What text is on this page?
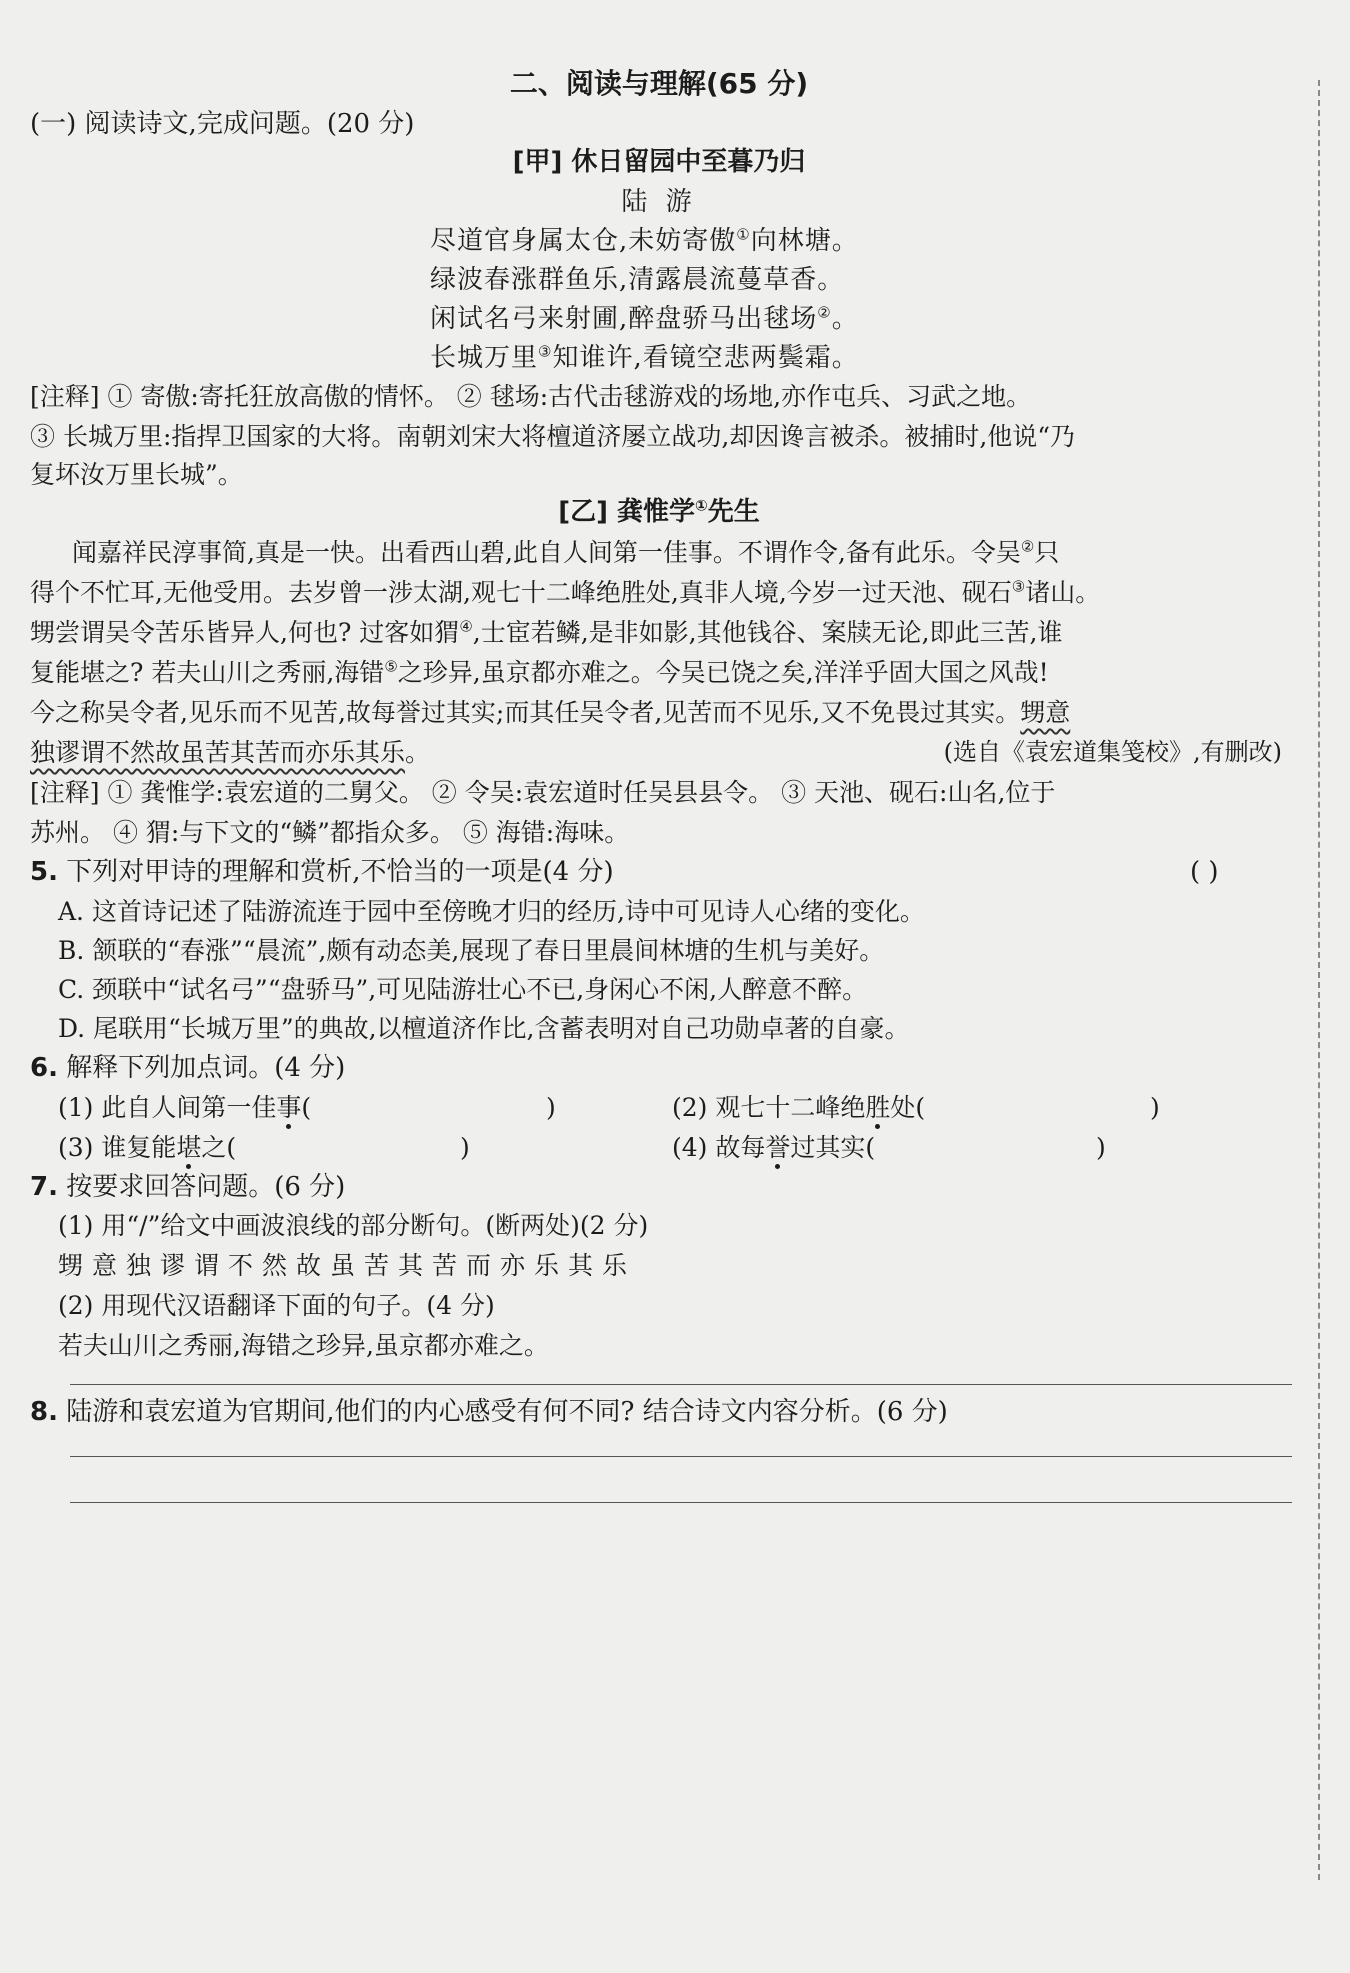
二、阅读与理解(65 分)
(一) 阅读诗文,完成问题。(20 分)
[甲] 休日留园中至暮乃归
陆 游
尽道官身属太仓,未妨寄傲①向林塘。
绿波春涨群鱼乐,清露晨流蔓草香。
闲试名弓来射圃,醉盘骄马出毬场②。
长城万里③知谁许,看镜空悲两鬓霜。
[注释] ① 寄傲:寄托狂放高傲的情怀。 ② 毬场:古代击毬游戏的场地,亦作屯兵、习武之地。
③ 长城万里:指捍卫国家的大将。南朝刘宋大将檀道济屡立战功,却因谗言被杀。被捕时,他说“乃
复坏汝万里长城”。
[乙] 龚惟学①先生
闻嘉祥民淳事简,真是一快。出看西山碧,此自人间第一佳事。不谓作令,备有此乐。令吴②只
得个不忙耳,无他受用。去岁曾一涉太湖,观七十二峰绝胜处,真非人境,今岁一过天池、砚石③诸山。
甥尝谓吴令苦乐皆异人,何也? 过客如猬④,士宦若鳞,是非如影,其他钱谷、案牍无论,即此三苦,谁
复能堪之? 若夫山川之秀丽,海错⑤之珍异,虽京都亦难之。今吴已饶之矣,洋洋乎固大国之风哉!
今之称吴令者,见乐而不见苦,故每誉过其实;而其任吴令者,见苦而不见乐,又不免畏过其实。甥意
独谬谓不然故虽苦其苦而亦乐其乐。	(选自《袁宏道集笺校》,有删改)
[注释] ① 龚惟学:袁宏道的二舅父。 ② 令吴:袁宏道时任吴县县令。 ③ 天池、砚石:山名,位于
苏州。 ④ 猬:与下文的“鳞”都指众多。 ⑤ 海错:海味。
5. 下列对甲诗的理解和赏析,不恰当的一项是(4 分)	( )
A. 这首诗记述了陆游流连于园中至傍晚才归的经历,诗中可见诗人心绪的变化。
B. 颔联的“春涨”“晨流”,颇有动态美,展现了春日里晨间林塘的生机与美好。
C. 颈联中“试名弓”“盘骄马”,可见陆游壮心不已,身闲心不闲,人醉意不醉。
D. 尾联用“长城万里”的典故,以檀道济作比,含蓄表明对自己功勋卓著的自豪。
6. 解释下列加点词。(4 分)
(1) 此自人间第一佳事(	)	(2) 观七十二峰绝胜处(	)
(3) 谁复能堪之(	)	(4) 故每誉过其实(	)
7. 按要求回答问题。(6 分)
(1) 用“/”给文中画波浪线的部分断句。(断两处)(2 分)
甥意独谬谓不然故虽苦其苦而亦乐其乐
(2) 用现代汉语翻译下面的句子。(4 分)
若夫山川之秀丽,海错之珍异,虽京都亦难之。
8. 陆游和袁宏道为官期间,他们的内心感受有何不同? 结合诗文内容分析。(6 分)
